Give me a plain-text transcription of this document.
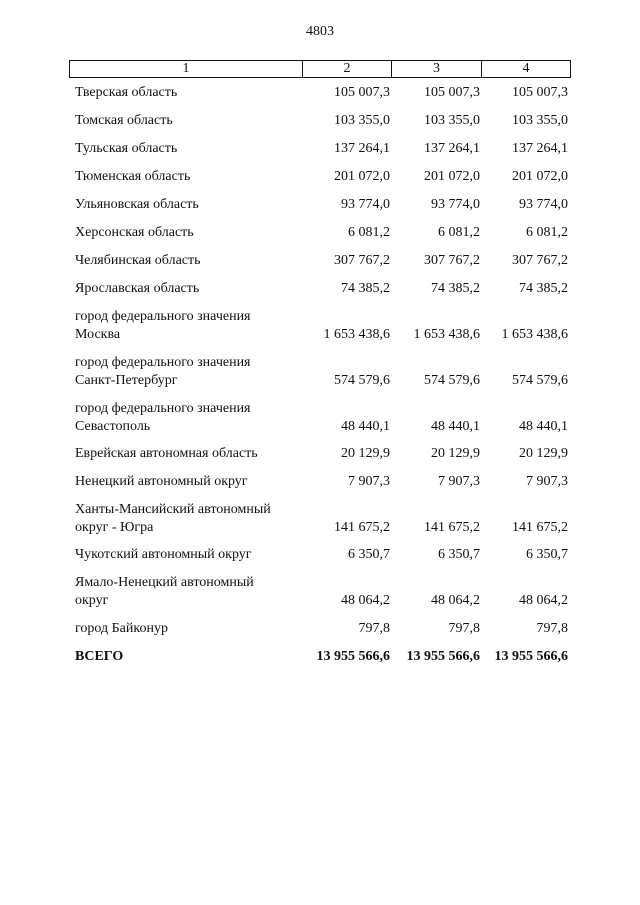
4803
1	2	3	4
Тверская область	105 007,3	105 007,3	105 007,3
Томская область	103 355,0	103 355,0	103 355,0
Тульская область	137 264,1	137 264,1	137 264,1
Тюменская область	201 072,0	201 072,0	201 072,0
Ульяновская область	93 774,0	93 774,0	93 774,0
Херсонская область	6 081,2	6 081,2	6 081,2
Челябинская область	307 767,2	307 767,2	307 767,2
Ярославская область	74 385,2	74 385,2	74 385,2
город федерального значения
Москва	1 653 438,6	1 653 438,6	1 653 438,6
город федерального значения
Санкт-Петербург	574 579,6	574 579,6	574 579,6
город федерального значения
Севастополь	48 440,1	48 440,1	48 440,1
Еврейская автономная область	20 129,9	20 129,9	20 129,9
Ненецкий автономный округ	7 907,3	7 907,3	7 907,3
Ханты-Мансийский автономный
округ - Югра	141 675,2	141 675,2	141 675,2
Чукотский автономный округ	6 350,7	6 350,7	6 350,7
Ямало-Ненецкий автономный
округ	48 064,2	48 064,2	48 064,2
город Байконур	797,8	797,8	797,8
ВСЕГО	13 955 566,6	13 955 566,6	13 955 566,6
